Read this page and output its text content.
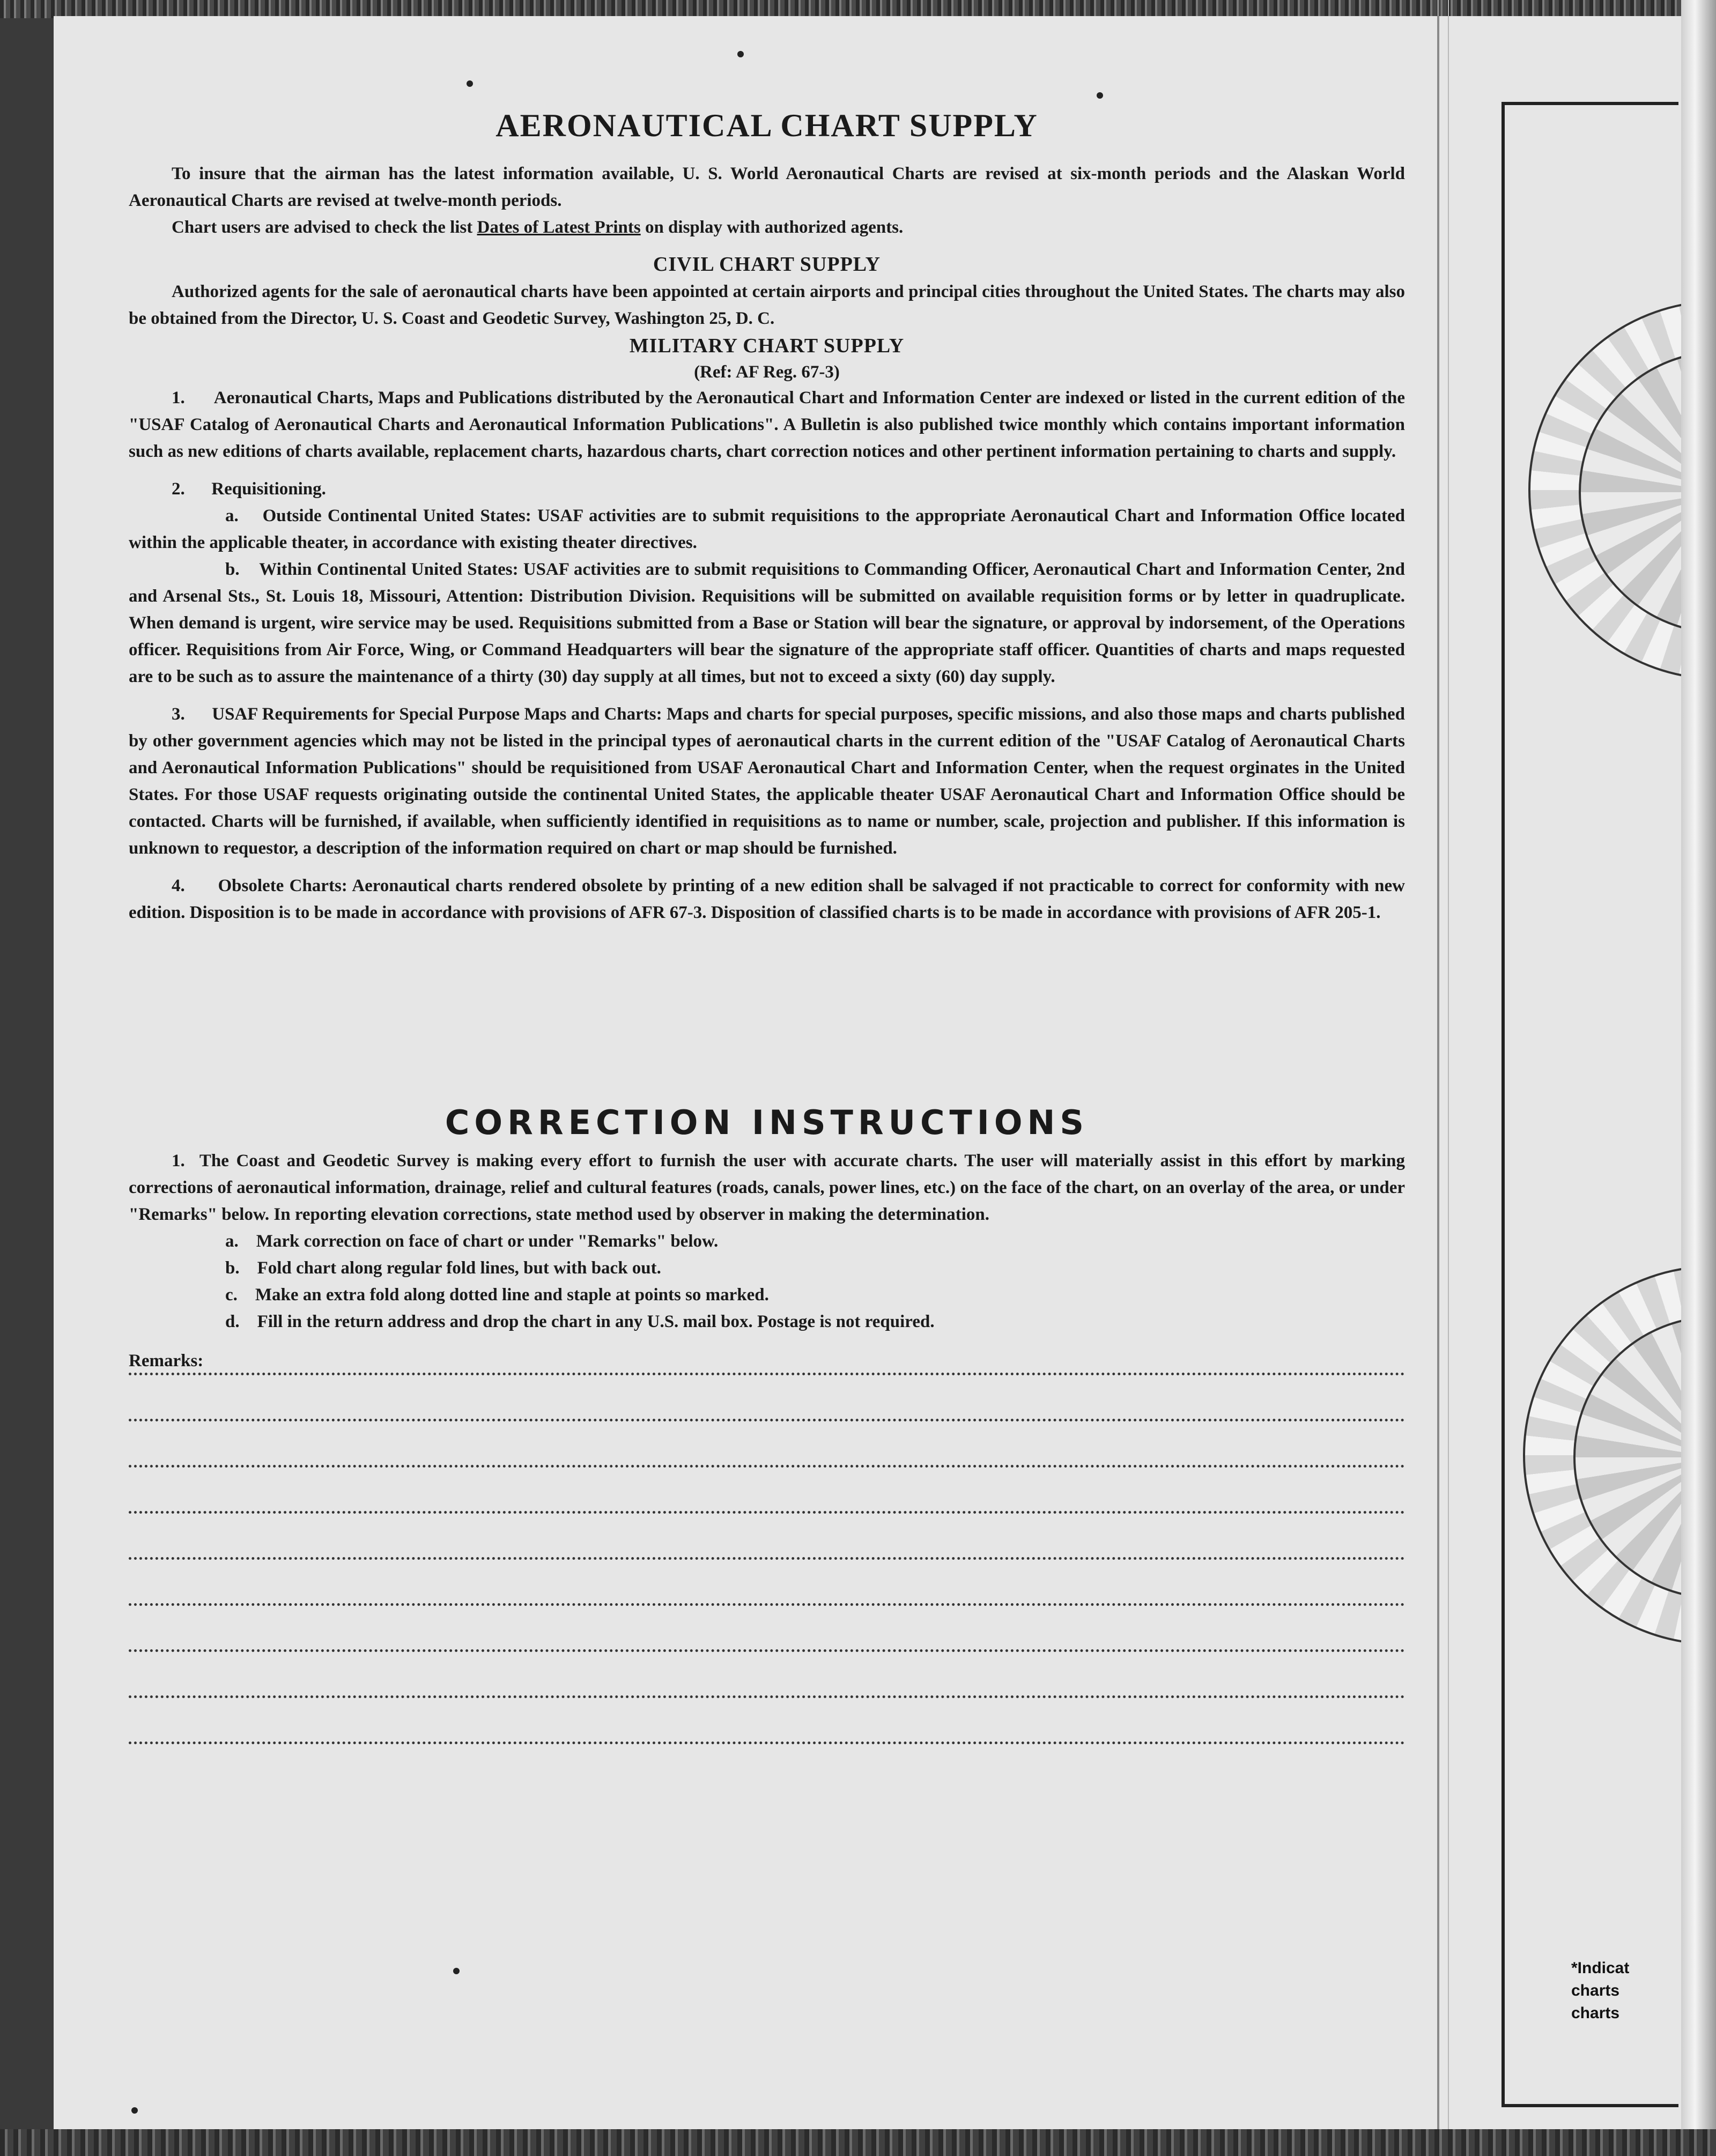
AERONAUTICAL CHART SUPPLY

To insure that the airman has the latest information available, U. S. World Aeronautical Charts are revised at six-month periods and the Alaskan World Aeronautical Charts are revised at twelve-month periods.

Chart users are advised to check the list Dates of Latest Prints on display with authorized agents.

CIVIL CHART SUPPLY

Authorized agents for the sale of aeronautical charts have been appointed at certain airports and principal cities throughout the United States. The charts may also be obtained from the Director, U. S. Coast and Geodetic Survey, Washington 25, D. C.

MILITARY CHART SUPPLY
(Ref: AF Reg. 67-3)

1. Aeronautical Charts, Maps and Publications distributed by the Aeronautical Chart and Information Center are indexed or listed in the current edition of the "USAF Catalog of Aeronautical Charts and Aeronautical Information Publications". A Bulletin is also published twice monthly which contains important information such as new editions of charts available, replacement charts, hazardous charts, chart correction notices and other pertinent information pertaining to charts and supply.

2. Requisitioning.

a. Outside Continental United States: USAF activities are to submit requisitions to the appropriate Aeronautical Chart and Information Office located within the applicable theater, in accordance with existing theater directives.

b. Within Continental United States: USAF activities are to submit requisitions to Commanding Officer, Aeronautical Chart and Information Center, 2nd and Arsenal Sts., St. Louis 18, Missouri, Attention: Distribution Division. Requisitions will be submitted on available requisition forms or by letter in quadruplicate. When demand is urgent, wire service may be used. Requisitions submitted from a Base or Station will bear the signature, or approval by indorsement, of the Operations officer. Requisitions from Air Force, Wing, or Command Headquarters will bear the signature of the appropriate staff officer. Quantities of charts and maps requested are to be such as to assure the maintenance of a thirty (30) day supply at all times, but not to exceed a sixty (60) day supply.

3. USAF Requirements for Special Purpose Maps and Charts: Maps and charts for special purposes, specific missions, and also those maps and charts published by other government agencies which may not be listed in the principal types of aeronautical charts in the current edition of the "USAF Catalog of Aeronautical Charts and Aeronautical Information Publications" should be requisitioned from USAF Aeronautical Chart and Information Center, when the request orginates in the United States. For those USAF requests originating outside the continental United States, the applicable theater USAF Aeronautical Chart and Information Office should be contacted. Charts will be furnished, if available, when sufficiently identified in requisitions as to name or number, scale, projection and publisher. If this information is unknown to requestor, a description of the information required on chart or map should be furnished.

4. Obsolete Charts: Aeronautical charts rendered obsolete by printing of a new edition shall be salvaged if not practicable to correct for conformity with new edition. Disposition is to be made in accordance with provisions of AFR 67-3. Disposition of classified charts is to be made in accordance with provisions of AFR 205-1.

CORRECTION INSTRUCTIONS

1. The Coast and Geodetic Survey is making every effort to furnish the user with accurate charts. The user will materially assist in this effort by marking corrections of aeronautical information, drainage, relief and cultural features (roads, canals, power lines, etc.) on the face of the chart, on an overlay of the area, or under "Remarks" below. In reporting elevation corrections, state method used by observer in making the determination.

a. Mark correction on face of chart or under "Remarks" below.
b. Fold chart along regular fold lines, but with back out.
c. Make an extra fold along dotted line and staple at points so marked.
d. Fill in the return address and drop the chart in any U.S. mail box. Postage is not required.
Remarks:
*Indicat
charts
charts
